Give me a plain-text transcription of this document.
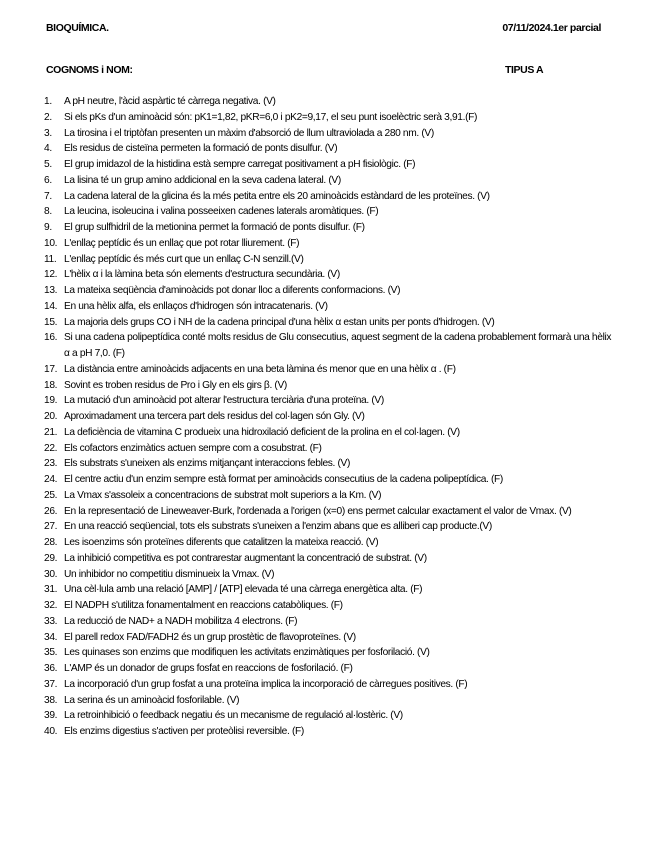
BIOQUÍMICA.	07/11/2024.1er parcial
COGNOMS i NOM:	TIPUS A
1.	A pH neutre, l'àcid aspàrtic té càrrega negativa. (V)
2.	Si els pKs d'un aminoàcid són: pK1=1,82, pKR=6,0 i pK2=9,17, el seu punt isoelèctric serà 3,91.(F)
3.	La tirosina i el triptòfan presenten un màxim d'absorció de llum ultraviolada a 280 nm. (V)
4.	Els residus de cisteïna permeten la formació de ponts disulfur. (V)
5.	El grup imidazol de la histidina està sempre carregat positivament a pH fisiològic. (F)
6.	La lisina té un grup amino addicional en la seva cadena lateral. (V)
7.	La cadena lateral de la glicina és la més petita entre els 20 aminoàcids estàndard de les proteïnes. (V)
8.	La leucina, isoleucina i valina posseeixen cadenes laterals aromàtiques. (F)
9.	El grup sulfhidril de la metionina permet la formació de ponts disulfur. (F)
10. L'enllaç peptídic és un enllaç que pot rotar lliurement. (F)
11. L'enllaç peptídic és més curt que un enllaç C-N senzill.(V)
12. L'hèlix α i la làmina beta són elements d'estructura secundària. (V)
13. La mateixa seqüència d'aminoàcids pot donar lloc a diferents conformacions. (V)
14. En una hèlix alfa, els enllaços d'hidrogen són intracatenaris. (V)
15. La majoria dels grups CO i NH de la cadena principal d'una hèlix α estan units per ponts d'hidrogen. (V)
16. Si una cadena polipeptídica conté molts residus de Glu consecutius, aquest segment de la cadena probablement formarà una hèlix α a pH 7,0. (F)
17. La distància entre aminoàcids adjacents en una beta làmina és menor que en una hèlix α . (F)
18. Sovint es troben residus de Pro i Gly en els girs β. (V)
19. La mutació d'un aminoàcid pot alterar l'estructura terciària d'una proteïna. (V)
20. Aproximadament una tercera part dels residus del col·lagen són Gly. (V)
21. La deficiència de vitamina C produeix una hidroxilació deficient de la prolina en el col·lagen. (V)
22. Els cofactors enzimàtics actuen sempre com a cosubstrat. (F)
23. Els substrats s'uneixen als enzims mitjançant interaccions febles. (V)
24. El centre actiu d'un enzim sempre està format per aminoàcids consecutius de la cadena polipeptídica. (F)
25. La Vmax s'assoleix a concentracions de substrat molt superiors a la Km. (V)
26. En la representació de Lineweaver-Burk, l'ordenada a l'origen (x=0) ens permet calcular exactament el valor de Vmax. (V)
27. En una reacció seqüencial, tots els substrats s'uneixen a l'enzim abans que es alliberi cap producte.(V)
28. Les isoenzims són proteïnes diferents que catalitzen la mateixa reacció. (V)
29. La inhibició competitiva es pot contrarestar augmentant la concentració de substrat. (V)
30. Un inhibidor no competitiu disminueix la Vmax. (V)
31. Una cèl·lula amb una relació [AMP] / [ATP] elevada té una càrrega energètica alta. (F)
32. El NADPH s'utilitza fonamentalment en reaccions catabòliques. (F)
33. La reducció de NAD+ a NADH mobilitza 4 electrons. (F)
34. El parell redox FAD/FADH2 és un grup prostètic de flavoproteïnes. (V)
35. Les quinases son enzims que modifiquen les activitats enzimàtiques per fosforilació. (V)
36. L'AMP és un donador de grups fosfat en reaccions de fosforilació. (F)
37. La incorporació d'un grup fosfat a una proteïna implica la incorporació de càrregues positives. (F)
38. La serina és un aminoàcid fosforilable. (V)
39. La retroinhibició o feedback negatiu és un mecanisme de regulació al·lostèric. (V)
40. Els enzims digestius s'activen per proteòlisi reversible. (F)
